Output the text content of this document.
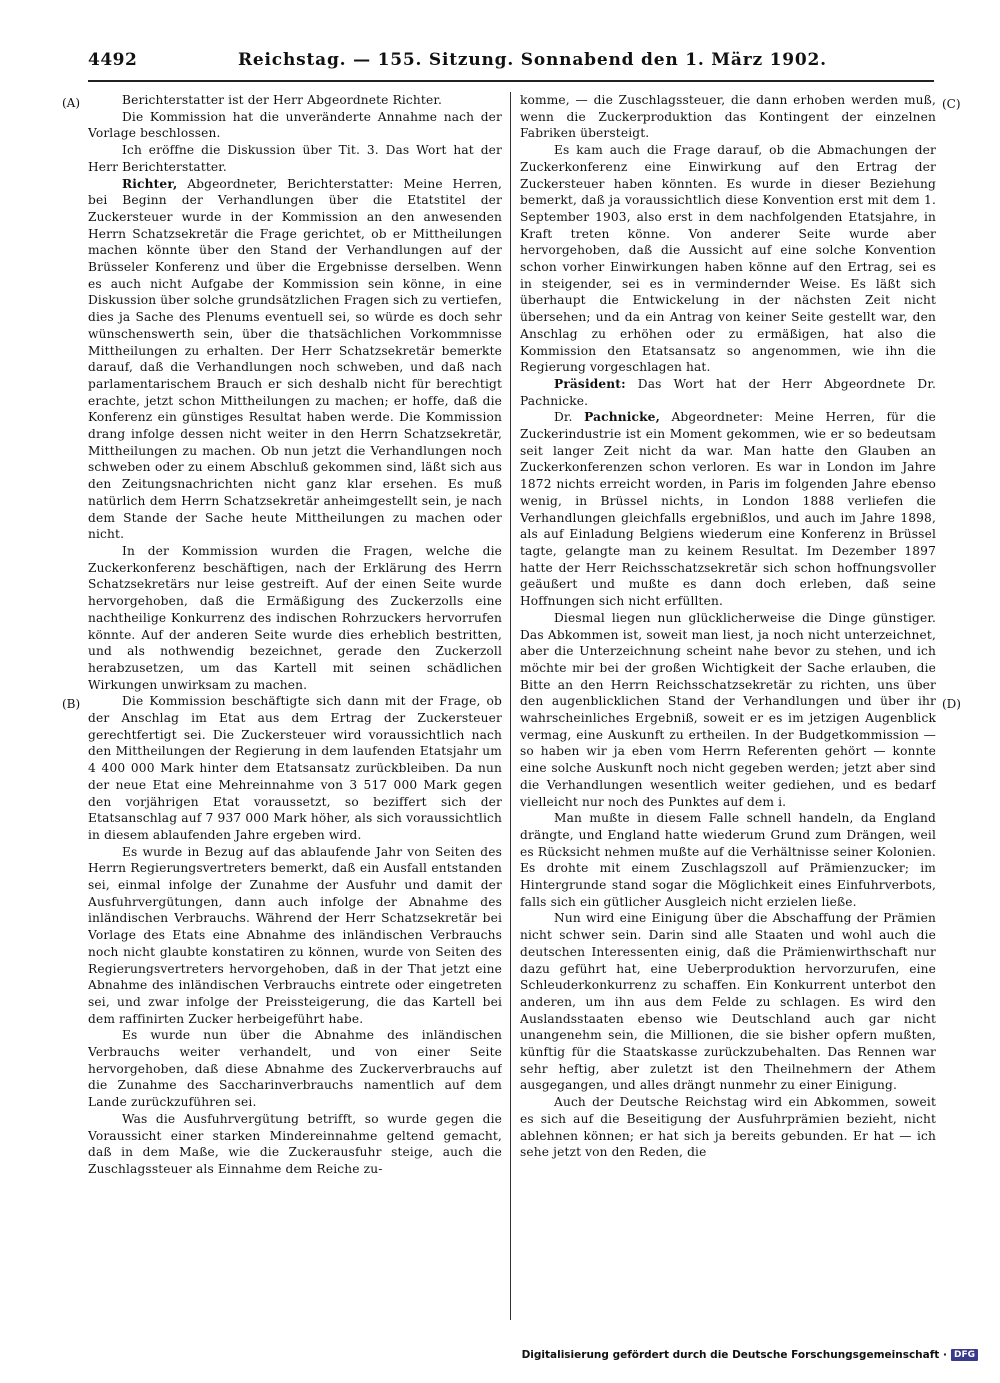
4492	Reichstag. — 155. Sitzung. Sonnabend den 1. März 1902.
(A)
(B)
(C)
(D)

Berichterstatter ist der Herr Abgeordnete Richter.

Die Kommission hat die unveränderte Annahme nach der Vorlage beschlossen.

Ich eröffne die Diskussion über Tit. 3. Das Wort hat der Herr Berichterstatter.

Richter, Abgeordneter, Berichterstatter: Meine Herren, bei Beginn der Verhandlungen über die Etatstitel der Zuckersteuer wurde in der Kommission an den anwesenden Herrn Schatzsekretär die Frage gerichtet, ob er Mittheilungen machen könnte über den Stand der Verhandlungen auf der Brüsseler Konferenz und über die Ergebnisse derselben. Wenn es auch nicht Aufgabe der Kommission sein könne, in eine Diskussion über solche grundsätzlichen Fragen sich zu vertiefen, dies ja Sache des Plenums eventuell sei, so würde es doch sehr wünschenswerth sein, über die thatsächlichen Vorkommnisse Mittheilungen zu erhalten. Der Herr Schatzsekretär bemerkte darauf, daß die Verhandlungen noch schweben, und daß nach parlamentarischem Brauch er sich deshalb nicht für berechtigt erachte, jetzt schon Mittheilungen zu machen; er hoffe, daß die Konferenz ein günstiges Resultat haben werde. Die Kommission drang infolge dessen nicht weiter in den Herrn Schatzsekretär, Mittheilungen zu machen. Ob nun jetzt die Verhandlungen noch schweben oder zu einem Abschluß gekommen sind, läßt sich aus den Zeitungsnachrichten nicht ganz klar ersehen. Es muß natürlich dem Herrn Schatzsekretär anheimgestellt sein, je nach dem Stande der Sache heute Mittheilungen zu machen oder nicht.

In der Kommission wurden die Fragen, welche die Zuckerkonferenz beschäftigen, nach der Erklärung des Herrn Schatzsekretärs nur leise gestreift. Auf der einen Seite wurde hervorgehoben, daß die Ermäßigung des Zuckerzolls eine nachtheilige Konkurrenz des indischen Rohrzuckers hervorrufen könnte. Auf der anderen Seite wurde dies erheblich bestritten, und als nothwendig bezeichnet, gerade den Zuckerzoll herabzusetzen, um das Kartell mit seinen schädlichen Wirkungen unwirksam zu machen.

Die Kommission beschäftigte sich dann mit der Frage, ob der Anschlag im Etat aus dem Ertrag der Zuckersteuer gerechtfertigt sei. Die Zuckersteuer wird voraussichtlich nach den Mittheilungen der Regierung in dem laufenden Etatsjahr um 4 400 000 Mark hinter dem Etatsansatz zurückbleiben. Da nun der neue Etat eine Mehreinnahme von 3 517 000 Mark gegen den vorjährigen Etat voraussetzt, so beziffert sich der Etatsanschlag auf 7 937 000 Mark höher, als sich voraussichtlich in diesem ablaufenden Jahre ergeben wird.

Es wurde in Bezug auf das ablaufende Jahr von Seiten des Herrn Regierungsvertreters bemerkt, daß ein Ausfall entstanden sei, einmal infolge der Zunahme der Ausfuhr und damit der Ausfuhrvergütungen, dann auch infolge der Abnahme des inländischen Verbrauchs. Während der Herr Schatzsekretär bei Vorlage des Etats eine Abnahme des inländischen Verbrauchs noch nicht glaubte konstatiren zu können, wurde von Seiten des Regierungsvertreters hervorgehoben, daß in der That jetzt eine Abnahme des inländischen Verbrauchs eintrete oder eingetreten sei, und zwar infolge der Preissteigerung, die das Kartell bei dem raffinirten Zucker herbeigeführt habe.

Es wurde nun über die Abnahme des inländischen Verbrauchs weiter verhandelt, und von einer Seite hervorgehoben, daß diese Abnahme des Zuckerverbrauchs auf die Zunahme des Saccharinverbrauchs namentlich auf dem Lande zurückzuführen sei.

Was die Ausfuhrvergütung betrifft, so wurde gegen die Voraussicht einer starken Mindereinnahme geltend gemacht, daß in dem Maße, wie die Zuckerausfuhr steige, auch die Zuschlagssteuer als Einnahme dem Reiche zu-

komme, — die Zuschlagssteuer, die dann erhoben werden muß, wenn die Zuckerproduktion das Kontingent der einzelnen Fabriken übersteigt.

Es kam auch die Frage darauf, ob die Abmachungen der Zuckerkonferenz eine Einwirkung auf den Ertrag der Zuckersteuer haben könnten. Es wurde in dieser Beziehung bemerkt, daß ja voraussichtlich diese Konvention erst mit dem 1. September 1903, also erst in dem nachfolgenden Etatsjahre, in Kraft treten könne. Von anderer Seite wurde aber hervorgehoben, daß die Aussicht auf eine solche Konvention schon vorher Einwirkungen haben könne auf den Ertrag, sei es in steigender, sei es in vermindernder Weise. Es läßt sich überhaupt die Entwickelung in der nächsten Zeit nicht übersehen; und da ein Antrag von keiner Seite gestellt war, den Anschlag zu erhöhen oder zu ermäßigen, hat also die Kommission den Etatsansatz so angenommen, wie ihn die Regierung vorgeschlagen hat.

Präsident: Das Wort hat der Herr Abgeordnete Dr. Pachnicke.

Dr. Pachnicke, Abgeordneter: Meine Herren, für die Zuckerindustrie ist ein Moment gekommen, wie er so bedeutsam seit langer Zeit nicht da war. Man hatte den Glauben an Zuckerkonferenzen schon verloren. Es war in London im Jahre 1872 nichts erreicht worden, in Paris im folgenden Jahre ebenso wenig, in Brüssel nichts, in London 1888 verliefen die Verhandlungen gleichfalls ergebnißlos, und auch im Jahre 1898, als auf Einladung Belgiens wiederum eine Konferenz in Brüssel tagte, gelangte man zu keinem Resultat. Im Dezember 1897 hatte der Herr Reichsschatzsekretär sich schon hoffnungsvoller geäußert und mußte es dann doch erleben, daß seine Hoffnungen sich nicht erfüllten.

Diesmal liegen nun glücklicherweise die Dinge günstiger. Das Abkommen ist, soweit man liest, ja noch nicht unterzeichnet, aber die Unterzeichnung scheint nahe bevor zu stehen, und ich möchte mir bei der großen Wichtigkeit der Sache erlauben, die Bitte an den Herrn Reichsschatzsekretär zu richten, uns über den augenblicklichen Stand der Verhandlungen und über ihr wahrscheinliches Ergebniß, soweit er es im jetzigen Augenblick vermag, eine Auskunft zu ertheilen. In der Budgetkommission — so haben wir ja eben vom Herrn Referenten gehört — konnte eine solche Auskunft noch nicht gegeben werden; jetzt aber sind die Verhandlungen wesentlich weiter gediehen, und es bedarf vielleicht nur noch des Punktes auf dem i.

Man mußte in diesem Falle schnell handeln, da England drängte, und England hatte wiederum Grund zum Drängen, weil es Rücksicht nehmen mußte auf die Verhältnisse seiner Kolonien. Es drohte mit einem Zuschlagszoll auf Prämienzucker; im Hintergrunde stand sogar die Möglichkeit eines Einfuhrverbots, falls sich ein gütlicher Ausgleich nicht erzielen ließe.

Nun wird eine Einigung über die Abschaffung der Prämien nicht schwer sein. Darin sind alle Staaten und wohl auch die deutschen Interessenten einig, daß die Prämienwirthschaft nur dazu geführt hat, eine Ueberproduktion hervorzurufen, eine Schleuderkonkurrenz zu schaffen. Ein Konkurrent unterbot den anderen, um ihn aus dem Felde zu schlagen. Es wird den Auslandsstaaten ebenso wie Deutschland auch gar nicht unangenehm sein, die Millionen, die sie bisher opfern mußten, künftig für die Staatskasse zurückzubehalten. Das Rennen war sehr heftig, aber zuletzt ist den Theilnehmern der Athem ausgegangen, und alles drängt nunmehr zu einer Einigung.

Auch der Deutsche Reichstag wird ein Abkommen, soweit es sich auf die Beseitigung der Ausfuhrprämien bezieht, nicht ablehnen können; er hat sich ja bereits gebunden. Er hat — ich sehe jetzt von den Reden, die

Digitalisierung gefördert durch die Deutsche Forschungsgemeinschaft · DFG
